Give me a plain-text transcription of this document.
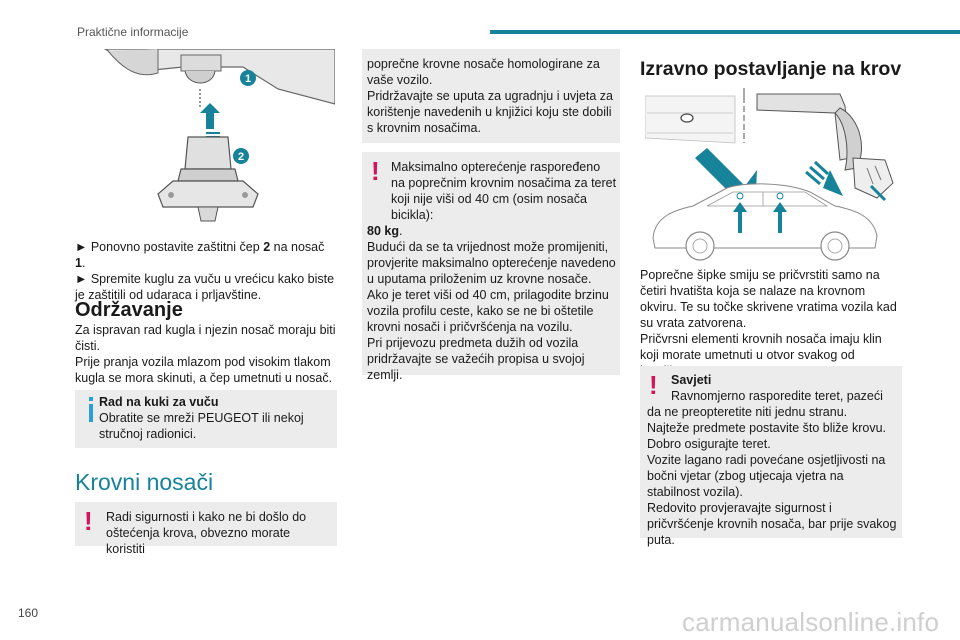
Praktične informacije
1
2

► Ponovno postavite zaštitni čep 2 na nosač 1.

► Spremite kuglu za vuču u vrećicu kako biste je zaštitili od udaraca i prljavštine.

Održavanje

Za ispravan rad kugla i njezin nosač moraju biti čisti.

Prije pranja vozila mlazom pod visokim tlakom kugla se mora skinuti, a čep umetnuti u nosač.

Rad na kuki za vuču
Obratite se mreži PEUGEOT ili nekoj stručnoj radionici.
Krovni nosači
! Radi sigurnosti i kako ne bi došlo do oštećenja krova, obvezno morate koristiti
poprečne krovne nosače homologirane za vaše vozilo.
Pridržavajte se uputa za ugradnju i uvjeta za korištenje navedenih u knjižici koju ste dobili s krovnim nosačima.
! Maksimalno opterećenje raspoređeno na poprečnim krovnim nosačima za teret koji nije viši od 40 cm (osim nosača bicikla):
80 kg.
Budući da se ta vrijednost može promijeniti, provjerite maksimalno opterećenje navedeno u uputama priloženim uz krovne nosače.
Ako je teret viši od 40 cm, prilagodite brzinu vozila profilu ceste, kako se ne bi oštetile krovni nosači i pričvršćenja na vozilu.
Pri prijevozu predmeta dužih od vozila pridržavajte se važećih propisa u svojoj zemlji.
Izravno postavljanje na krov

Poprečne šipke smiju se pričvrstiti samo na četiri hvatišta koja se nalaze na krovnom okviru. Te su točke skrivene vratima vozila kad su vrata zatvorena.

Pričvrsni elementi krovnih nosača imaju klin koji morate umetnuti u otvor svakog od

!	Savjeti
Ravnomjerno rasporedite teret, pazeći da ne preopteretite niti jednu stranu.
Najteže predmete postavite što bliže krovu.
Dobro osigurajte teret.
Vozite lagano radi povećane osjetljivosti na bočni vjetar (zbog utjecaja vjetra na stabilnost vozila).
Redovito provjeravajte sigurnost i pričvršćenje krovnih nosača, bar prije svakog puta.
160	carmanualsonline.info
